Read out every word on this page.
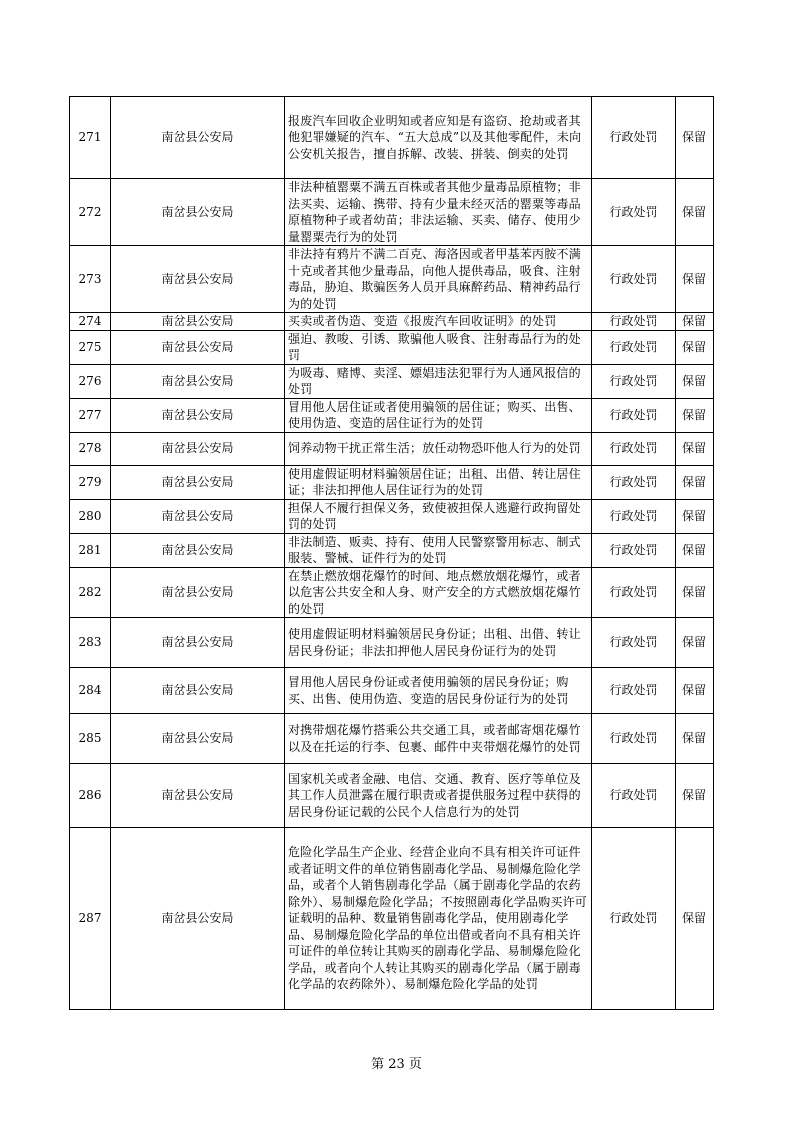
271	南岔县公安局	报废汽车回收企业明知或者应知是有盗窃、抢劫或者其他犯罪嫌疑的汽车、“五大总成”以及其他零配件，未向公安机关报告，擅自拆解、改装、拼装、倒卖的处罚	行政处罚	保留
272	南岔县公安局	非法种植罂粟不满五百株或者其他少量毒品原植物；非法买卖、运输、携带、持有少量未经灭活的罂粟等毒品原植物种子或者幼苗；非法运输、买卖、储存、使用少量罂粟壳行为的处罚	行政处罚	保留
273	南岔县公安局	非法持有鸦片不满二百克、海洛因或者甲基苯丙胺不满十克或者其他少量毒品，向他人提供毒品，吸食、注射毒品，胁迫、欺骗医务人员开具麻醉药品、精神药品行为的处罚	行政处罚	保留
274	南岔县公安局	买卖或者伪造、变造《报废汽车回收证明》的处罚	行政处罚	保留
275	南岔县公安局	强迫、教唆、引诱、欺骗他人吸食、注射毒品行为的处罚	行政处罚	保留
276	南岔县公安局	为吸毒、赌博、卖淫、嫖娼违法犯罪行为人通风报信的处罚	行政处罚	保留
277	南岔县公安局	冒用他人居住证或者使用骗领的居住证；购买、出售、使用伪造、变造的居住证行为的处罚	行政处罚	保留
278	南岔县公安局	饲养动物干扰正常生活；放任动物恐吓他人行为的处罚	行政处罚	保留
279	南岔县公安局	使用虚假证明材料骗领居住证；出租、出借、转让居住证；非法扣押他人居住证行为的处罚	行政处罚	保留
280	南岔县公安局	担保人不履行担保义务，致使被担保人逃避行政拘留处罚的处罚	行政处罚	保留
281	南岔县公安局	非法制造、贩卖、持有、使用人民警察警用标志、制式服装、警械、证件行为的处罚	行政处罚	保留
282	南岔县公安局	在禁止燃放烟花爆竹的时间、地点燃放烟花爆竹，或者以危害公共安全和人身、财产安全的方式燃放烟花爆竹的处罚	行政处罚	保留
283	南岔县公安局	使用虚假证明材料骗领居民身份证；出租、出借、转让居民身份证；非法扣押他人居民身份证行为的处罚	行政处罚	保留
284	南岔县公安局	冒用他人居民身份证或者使用骗领的居民身份证；购买、出售、使用伪造、变造的居民身份证行为的处罚	行政处罚	保留
285	南岔县公安局	对携带烟花爆竹搭乘公共交通工具，或者邮寄烟花爆竹以及在托运的行李、包裹、邮件中夹带烟花爆竹的处罚	行政处罚	保留
286	南岔县公安局	国家机关或者金融、电信、交通、教育、医疗等单位及其工作人员泄露在履行职责或者提供服务过程中获得的居民身份证记载的公民个人信息行为的处罚	行政处罚	保留
287	南岔县公安局	危险化学品生产企业、经营企业向不具有相关许可证件或者证明文件的单位销售剧毒化学品、易制爆危险化学品，或者个人销售剧毒化学品（属于剧毒化学品的农药除外）、易制爆危险化学品；不按照剧毒化学品购买许可证载明的品种、数量销售剧毒化学品，使用剧毒化学品、易制爆危险化学品的单位出借或者向不具有相关许可证件的单位转让其购买的剧毒化学品、易制爆危险化学品，或者向个人转让其购买的剧毒化学品（属于剧毒化学品的农药除外）、易制爆危险化学品的处罚	行政处罚	保留
第 23 页
